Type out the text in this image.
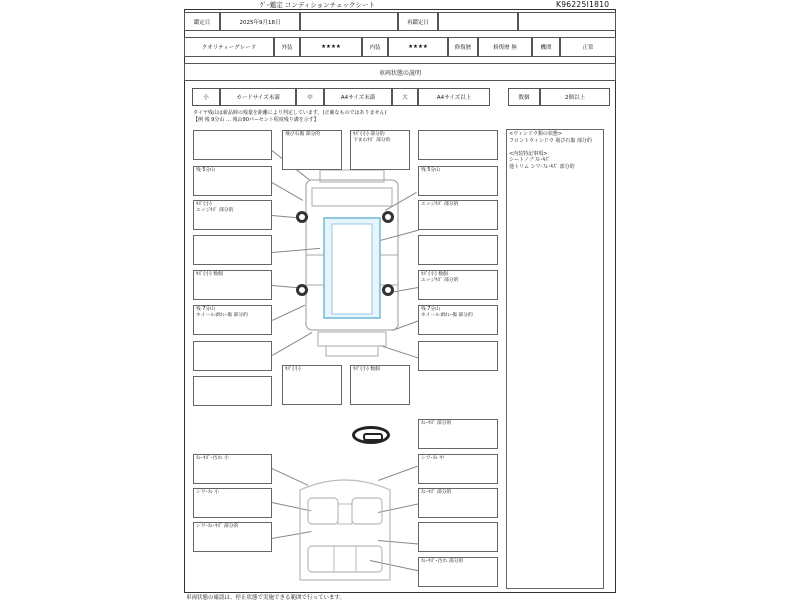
ｸﾞｰ鑑定 コンディションチェックシート	K96225I1810
鑑定日	2025年9月18日	再鑑定日
クオリティーグレード	外装	★★★★	内装	★★★★	修復歴	修復歴 無	機関	正常
車両状態の説明
小	カードサイズ未満	中	A4サイズ未満	大	A4サイズ以上	数個	2個以上
タイヤ残山は新品時の残量を距離により判定しています。(正確なものではありません)
【例 残 9分山 … 残山90パーセント程度残り溝を示す】
<ウィンドウ類の状態>
フロントウィンドウ 飛び石傷 部分的

<内装特記事項>
シートノブ ｽﾚ･ｷｽﾞ
他トリム シワ･ｽﾚ･ｷｽﾞ 部分的
飛び石傷 部分的	ｷｽﾞ(小) 部分的
下まわｷｽﾞ 部分的
残 5分山	残 5分山
ｷｽﾞ(小)
エッジｷｽﾞ 部分的
エッジｷｽﾞ 部分的
ｷｽﾞ(小) 数個	ｷｽﾞ(小) 数個
エッジｷｽﾞ 部分的
残 7分山
ホイール剥れ･傷 部分的
残 7分山
ホイール剥れ･傷 部分的
ｷｽﾞ(小)	ｷｽﾞ(小) 数個
ｽﾚ･ｷｽﾞ 部分的
ｽﾚ･ｷｽﾞ･汚れ 小	シワ･ｽﾚ 中
シワ･ｽﾚ 小	ｽﾚ･ｷｽﾞ 部分的
シワ･ｽﾚ･ｷｽﾞ 部分的
ｽﾚ･ｷｽﾞ･汚れ 部分的
車両状態の確認は、停止状態で実施できる範囲で行っています。
